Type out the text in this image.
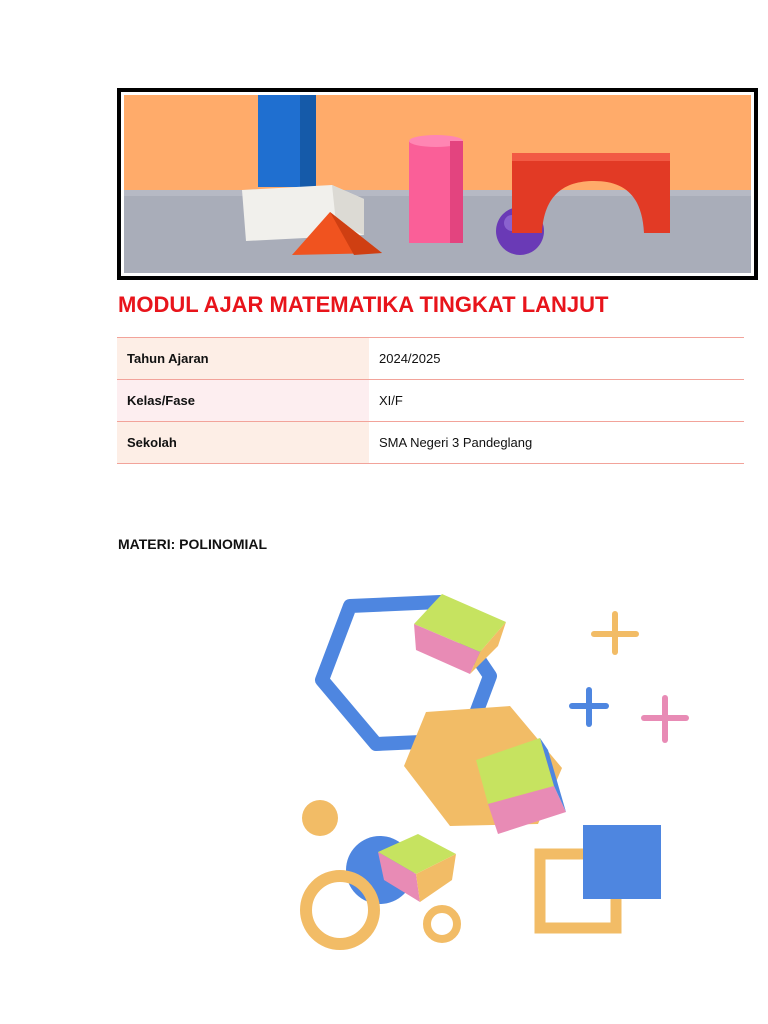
MODUL AJAR MATEMATIKA TINGKAT LANJUT
Tahun Ajaran	2024/2025
Kelas/Fase	XI/F
Sekolah	SMA Negeri 3 Pandeglang
MATERI: POLINOMIAL
